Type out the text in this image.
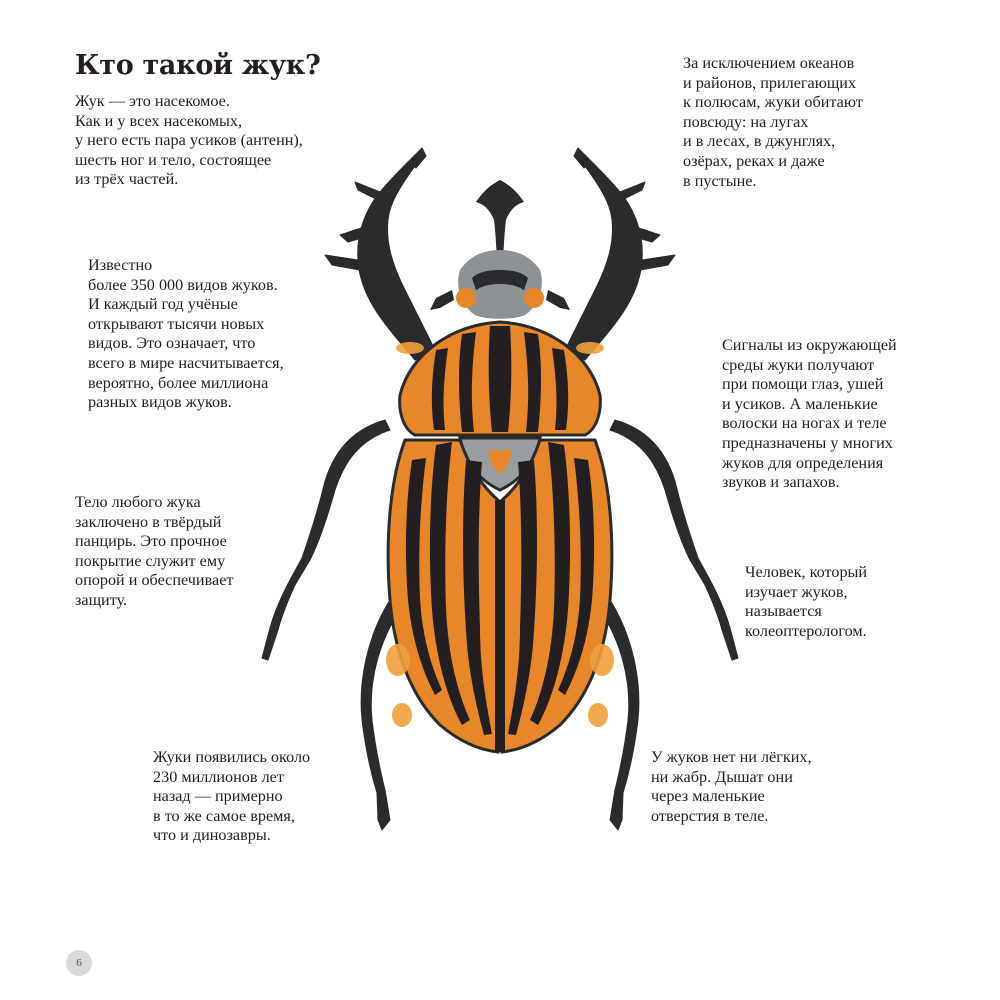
Кто такой жук?
Жук — это насекомое.
Как и у всех насекомых,
у него есть пара усиков (антенн),
шесть ног и тело, состоящее
из трёх частей.
Известно
более 350 000 видов жуков.
И каждый год учёные
открывают тысячи новых
видов. Это означает, что
всего в мире насчитывается,
вероятно, более миллиона
разных видов жуков.
Тело любого жука
заключено в твёрдый
панцирь. Это прочное
покрытие служит ему
опорой и обеспечивает
защиту.
Жуки появились около
230 миллионов лет
назад — примерно
в то же самое время,
что и динозавры.
За исключением океанов
и районов, прилегающих
к полюсам, жуки обитают
повсюду: на лугах
и в лесах, в джунглях,
озёрах, реках и даже
в пустыне.
Сигналы из окружающей
среды жуки получают
при помощи глаз, ушей
и усиков. А маленькие
волоски на ногах и теле
предназначены у многих
жуков для определения
звуков и запахов.
Человек, который
изучает жуков,
называется
колеоптерологом.
У жуков нет ни лёгких,
ни жабр. Дышат они
через маленькие
отверстия в теле.
6
